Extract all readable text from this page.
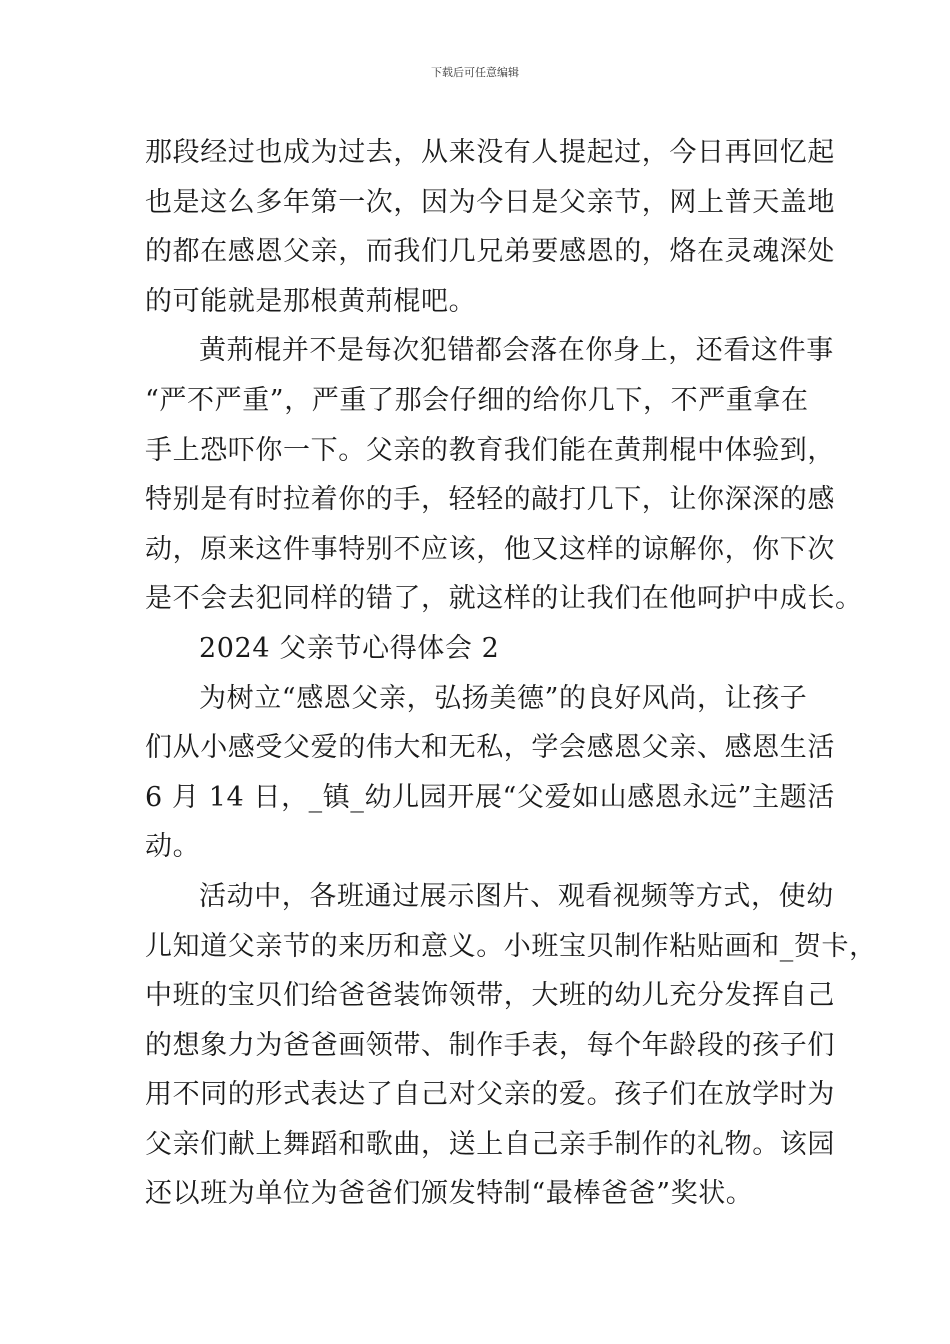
下载后可任意编辑
那段经过也成为过去，从来没有人提起过，今日再回忆起
也是这么多年第一次，因为今日是父亲节，网上普天盖地
的都在感恩父亲，而我们几兄弟要感恩的，烙在灵魂深处
的可能就是那根黄荊棍吧。
黄荊棍并不是每次犯错都会落在你身上，还看这件事
“严不严重”，严重了那会仔细的给你几下，不严重拿在
手上恐吓你一下。父亲的教育我们能在黄荆棍中体验到，
特别是有时拉着你的手，轻轻的敲打几下，让你深深的感
动，原来这件事特别不应该，他又这样的谅解你，你下次
是不会去犯同样的错了，就这样的让我们在他呵护中成长。
2024 父亲节心得体会 2
为树立“感恩父亲，弘扬美德”的良好风尚，让孩子
们从小感受父爱的伟大和无私，学会感恩父亲、感恩生活
6 月 14 日，_镇_幼儿园开展“父爱如山感恩永远”主题活
动。
活动中，各班通过展示图片、观看视频等方式，使幼
儿知道父亲节的来历和意义。小班宝贝制作粘贴画和_贺卡，
中班的宝贝们给爸爸装饰领带，大班的幼儿充分发挥自己
的想象力为爸爸画领带、制作手表，每个年龄段的孩子们
用不同的形式表达了自己对父亲的爱。孩子们在放学时为
父亲们献上舞蹈和歌曲，送上自己亲手制作的礼物。该园
还以班为单位为爸爸们颁发特制“最棒爸爸”奖状。
